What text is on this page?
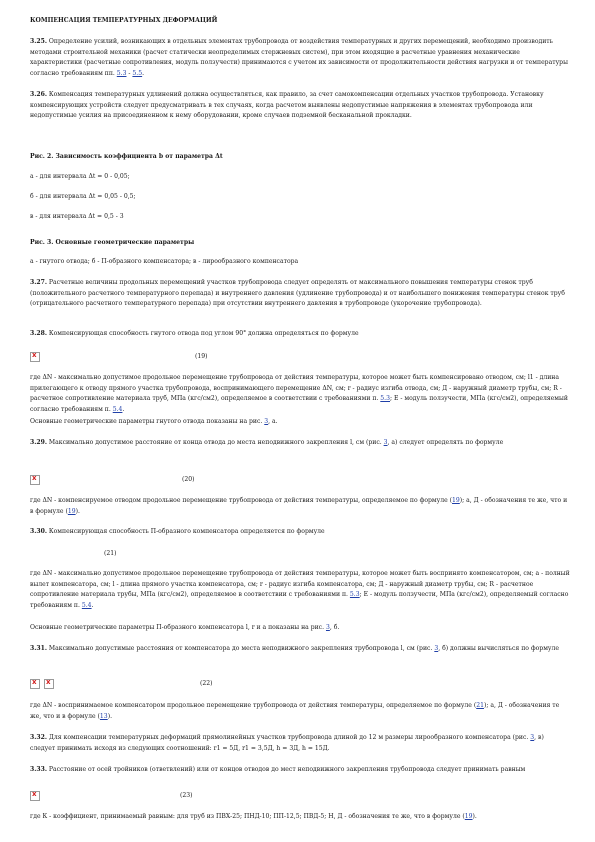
КОМПЕНСАЦИЯ ТЕМПЕРАТУРНЫХ ДЕФОРМАЦИЙ

3.25. Определение усилий, возникающих в отдельных элементах трубопровода от воздействия температурных и других перемещений, необходимо производить методами строительной механики (расчет статически неопределимых стержневых систем), при этом входящие в расчетные уравнения механические характеристики (расчетные сопротивления, модуль ползучести) принимаются с учетом их зависимости от продолжительности действия нагрузки и от температуры согласно требованиям пп. 5.3 - 5.5.

3.26. Компенсация температурных удлинений должна осуществляться, как правило, за счет самокомпенсации отдельных участков трубопровода. Установку компенсирующих устройств следует предусматривать в тех случаях, когда расчетом выявлены недопустимые напряжения в элементах трубопровода или недопустимые усилия на присоединенном к нему оборудовании, кроме случаев подземной бесканальной прокладки.

Рис. 2. Зависимость коэффициента b от параметра Δt

а - для интервала Δt = 0 - 0,05;

б - для интервала Δt = 0,05 - 0,5;

в - для интервала Δt = 0,5 - 3

Рис. 3. Основные геометрические параметры

а - гнутого отвода; б - П-образного компенсатора; в - лирообразного компенсатора

3.27. Расчетные величины продольных перемещений участков трубопровода следует определять от максимального повышения температуры стенок труб (положительного расчетного температурного перепада) и внутреннего давления (удлинение трубопровода) и от наибольшего понижения температуры стенок труб (отрицательного расчетного температурного перепада) при отсутствии внутреннего давления в трубопроводе (укорочение трубопровода).

3.28. Компенсирующая способность гнутого отвода под углом 90° должна определяться по формуле

x
(19)

где ΔN - максимально допустимое продольное перемещение трубопровода от действия температуры, которое может быть компенсировано отводом, см; l1 - длина прилегающего к отводу прямого участка трубопровода, воспринимающего перемещение ΔN, см; r - радиус изгиба отвода, см; Д - наружный диаметр трубы, см; R - расчетное сопротивление материала труб, МПа (кгс/см2), определяемое в соответствии с требованиями п. 5.3; Е - модуль ползучести, МПа (кгс/см2), определяемый согласно требованиям п. 5.4.

Основные геометрические параметры гнутого отвода показаны на рис. 3, а.

3.29. Максимально допустимое расстояние от конца отвода до места неподвижного закрепления l, см (рис. 3, а) следует определять по формуле

x
(20)

где ΔN - компенсируемое отводом продольное перемещение трубопровода от действия температуры, определяемое по формуле (19); а, Д - обозначения те же, что и в формуле (19).

3.30. Компенсирующая способность П-образного компенсатора определяется по формуле

(21)

где ΔN - максимально допустимое продольное перемещение трубопровода от действия температуры, которое может быть воспринято компенсатором, см; а - полный вылет компенсатора, см; l - длина прямого участка компенсатора, см; r - радиус изгиба компенсатора, см; Д - наружный диаметр трубы, см; R - расчетное сопротивление материала трубы, МПа (кгс/см2), определяемое в соответствии с требованиями п. 5.3; Е - модуль ползучести, МПа (кгс/см2), определяемый согласно требованиям п. 5.4.

Основные геометрические параметры П-образного компенсатора l, r и а показаны на рис. 3, б.

3.31. Максимально допустимые расстояния от компенсатора до места неподвижного закрепления трубопровода l, см (рис. 3, б) должны вычисляться по формуле

x
x
(22)

где ΔN - воспринимаемое компенсатором продольное перемещение трубопровода от действия температуры, определяемое по формуле (21); а, Д - обозначения те же, что и в формуле (13).

3.32. Для компенсации температурных деформаций прямолинейных участков трубопровода длиной до 12 м размеры лирообразного компенсатора (рис. 3, в) следует принимать исходя из следующих соотношений: r1 = 5Д, r1 = 3,5Д, h = 3Д, h = 15Д.

3.33. Расстояние от осей тройников (ответвлений) или от концов отводов до мест неподвижного закрепления трубопровода следует принимать равным

x
(23)

где К - коэффициент, принимаемый равным: для труб из ПВХ-25; ПНД-10; ПП-12,5; ПВД-5; Н, Д - обозначения те же, что в формуле (19).
